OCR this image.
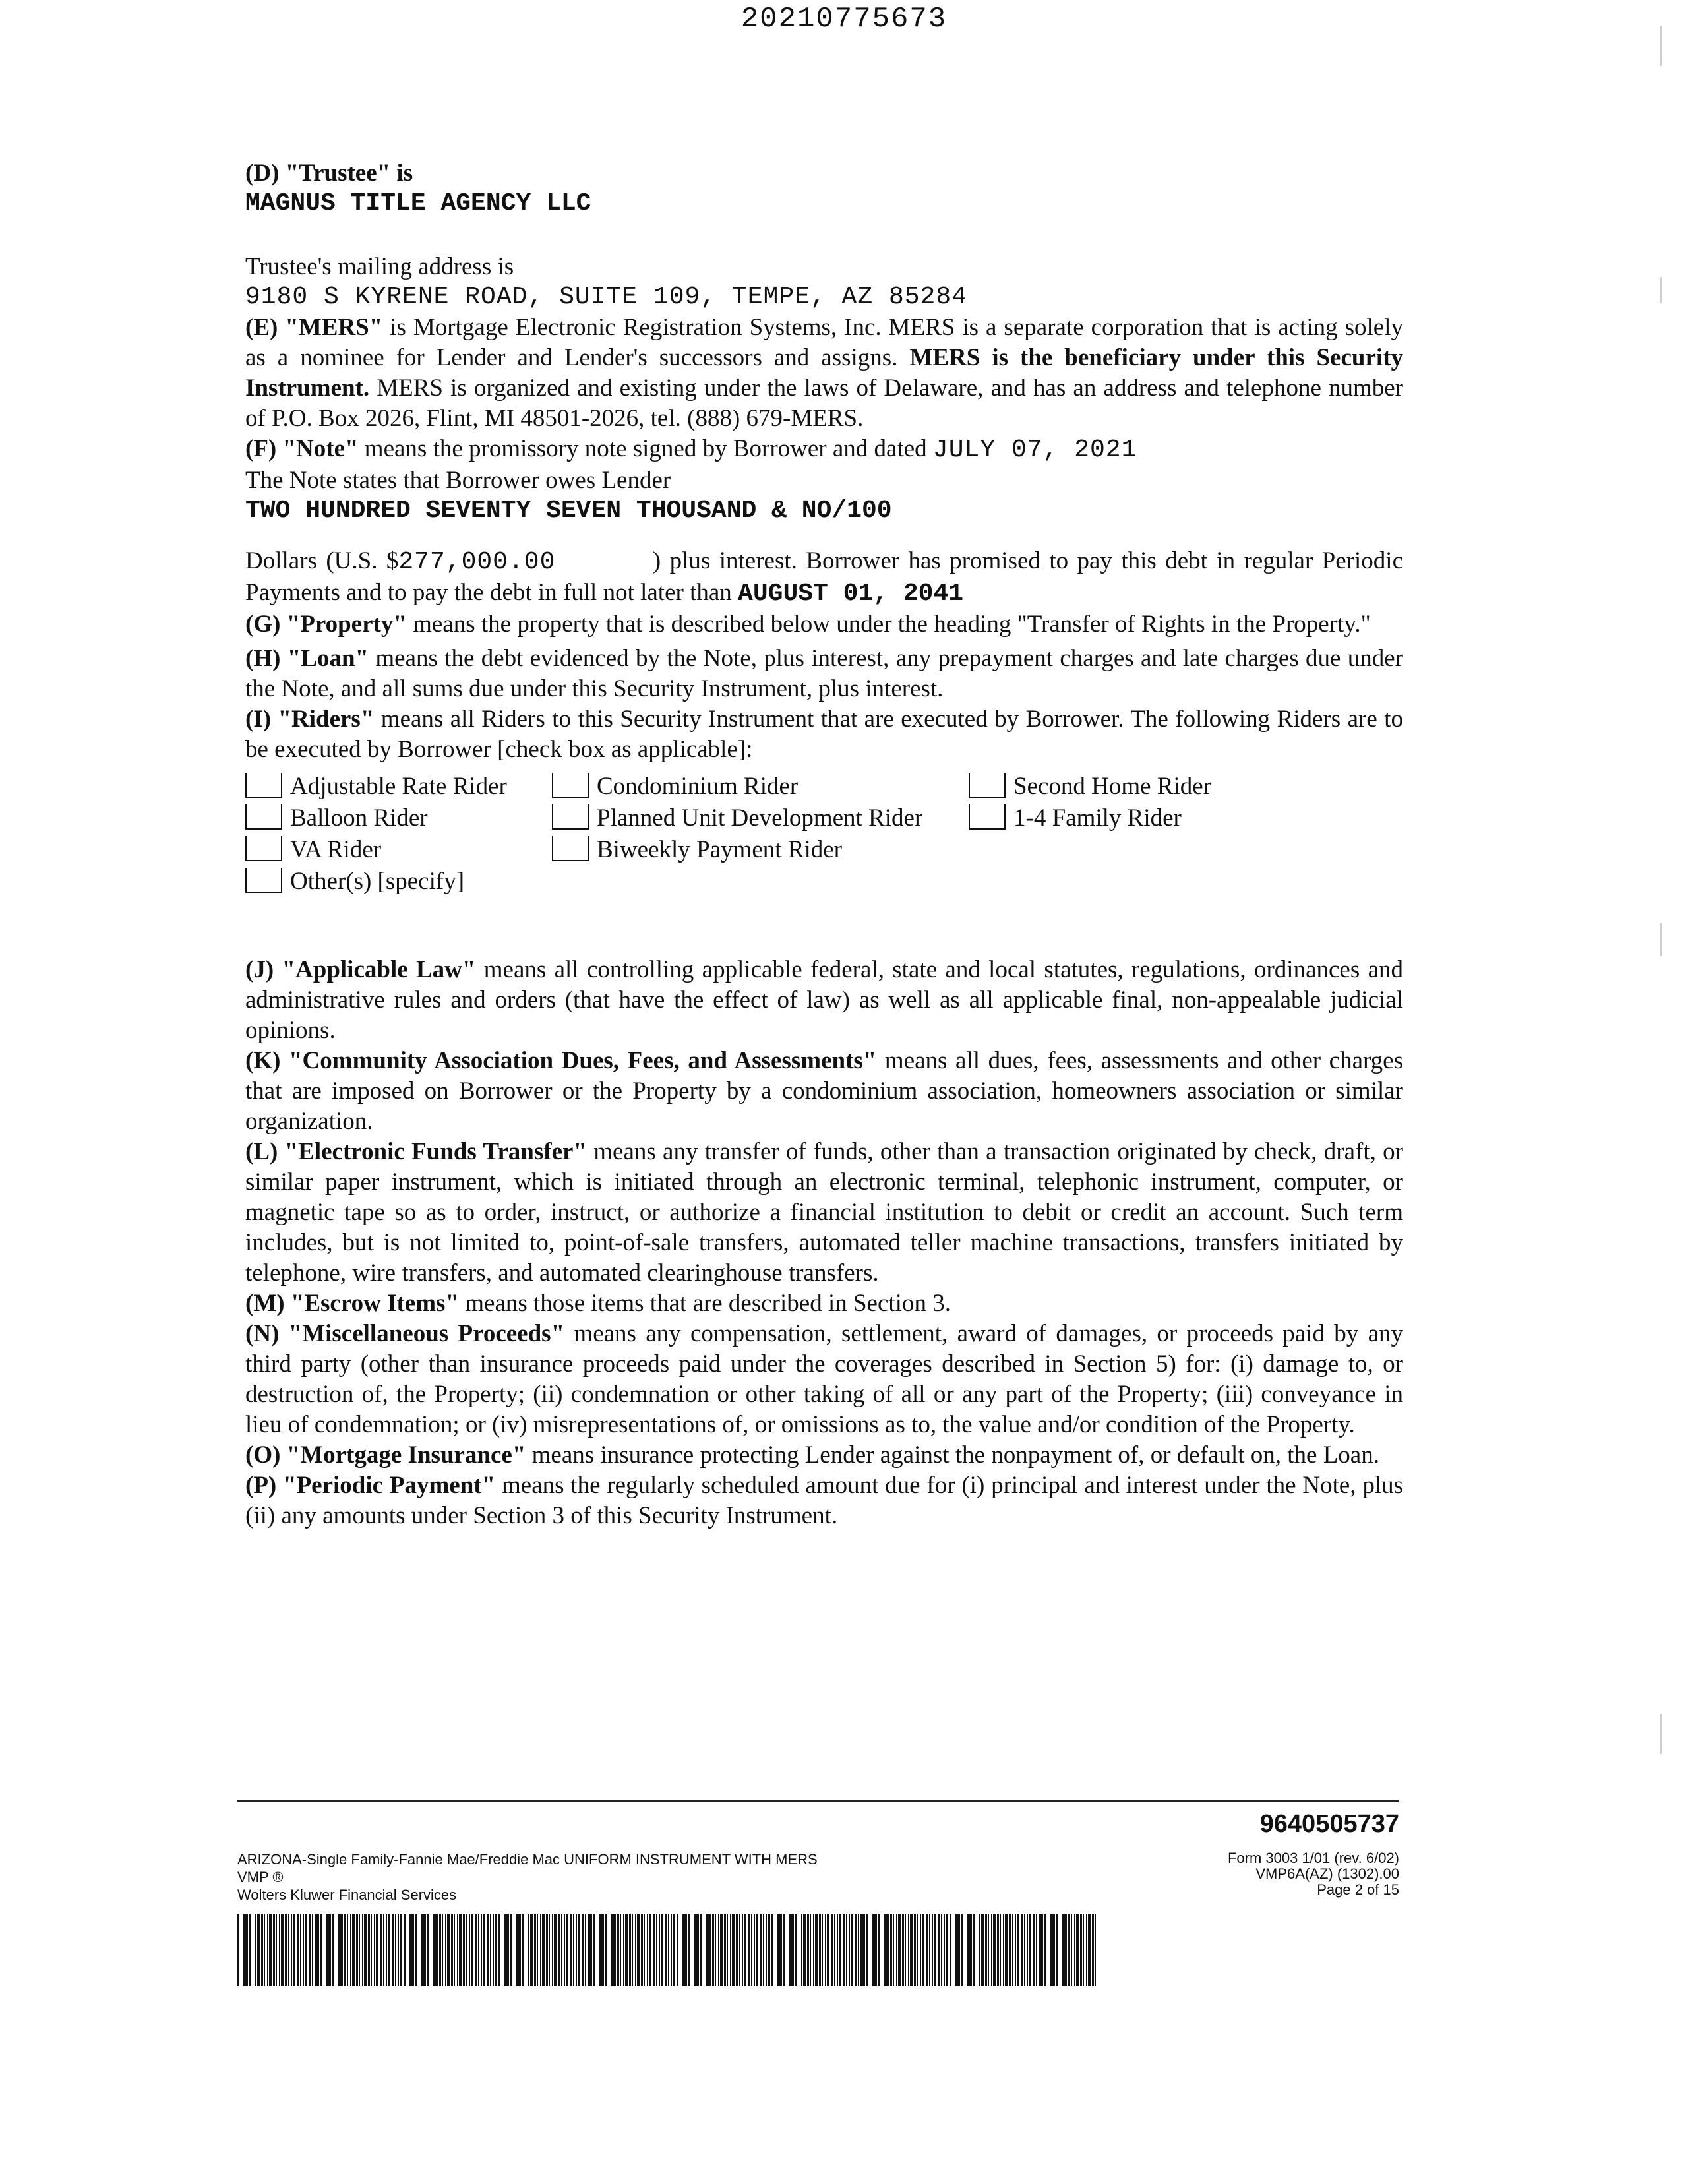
20210775673

(D) "Trustee" is

MAGNUS TITLE AGENCY LLC

Trustee's mailing address is

9180 S KYRENE ROAD, SUITE 109, TEMPE, AZ 85284

(E) "MERS" is Mortgage Electronic Registration Systems, Inc. MERS is a separate corporation that is acting solely as a nominee for Lender and Lender's successors and assigns. MERS is the beneficiary under this Security Instrument. MERS is organized and existing under the laws of Delaware, and has an address and telephone number of P.O. Box 2026, Flint, MI 48501-2026, tel. (888) 679-MERS.

(F) "Note" means the promissory note signed by Borrower and dated JULY 07, 2021

The Note states that Borrower owes Lender

TWO HUNDRED SEVENTY SEVEN THOUSAND & NO/100

Dollars (U.S. $277,000.00	) plus interest. Borrower has promised to pay this debt in regular Periodic Payments and to pay the debt in full not later than AUGUST 01, 2041

(G) "Property" means the property that is described below under the heading "Transfer of Rights in the Property."

(H) "Loan" means the debt evidenced by the Note, plus interest, any prepayment charges and late charges due under the Note, and all sums due under this Security Instrument, plus interest.

(I) "Riders" means all Riders to this Security Instrument that are executed by Borrower. The following Riders are to be executed by Borrower [check box as applicable]:

Adjustable Rate Rider	Condominium Rider	Second Home Rider
Balloon Rider	Planned Unit Development Rider	1-4 Family Rider
VA Rider	Biweekly Payment Rider
Other(s) [specify]

(J) "Applicable Law" means all controlling applicable federal, state and local statutes, regulations, ordinances and administrative rules and orders (that have the effect of law) as well as all applicable final, non-appealable judicial opinions.

(K) "Community Association Dues, Fees, and Assessments" means all dues, fees, assessments and other charges that are imposed on Borrower or the Property by a condominium association, homeowners association or similar organization.

(L) "Electronic Funds Transfer" means any transfer of funds, other than a transaction originated by check, draft, or similar paper instrument, which is initiated through an electronic terminal, telephonic instrument, computer, or magnetic tape so as to order, instruct, or authorize a financial institution to debit or credit an account. Such term includes, but is not limited to, point-of-sale transfers, automated teller machine transactions, transfers initiated by telephone, wire transfers, and automated clearinghouse transfers.

(M) "Escrow Items" means those items that are described in Section 3.

(N) "Miscellaneous Proceeds" means any compensation, settlement, award of damages, or proceeds paid by any third party (other than insurance proceeds paid under the coverages described in Section 5) for: (i) damage to, or destruction of, the Property; (ii) condemnation or other taking of all or any part of the Property; (iii) conveyance in lieu of condemnation; or (iv) misrepresentations of, or omissions as to, the value and/or condition of the Property.

(O) "Mortgage Insurance" means insurance protecting Lender against the nonpayment of, or default on, the Loan.

(P) "Periodic Payment" means the regularly scheduled amount due for (i) principal and interest under the Note, plus (ii) any amounts under Section 3 of this Security Instrument.

9640505737
ARIZONA-Single Family-Fannie Mae/Freddie Mac UNIFORM INSTRUMENT WITH MERS
VMP ®
Wolters Kluwer Financial Services
Form 3003 1/01 (rev. 6/02)
VMP6A(AZ) (1302).00
Page 2 of 15
